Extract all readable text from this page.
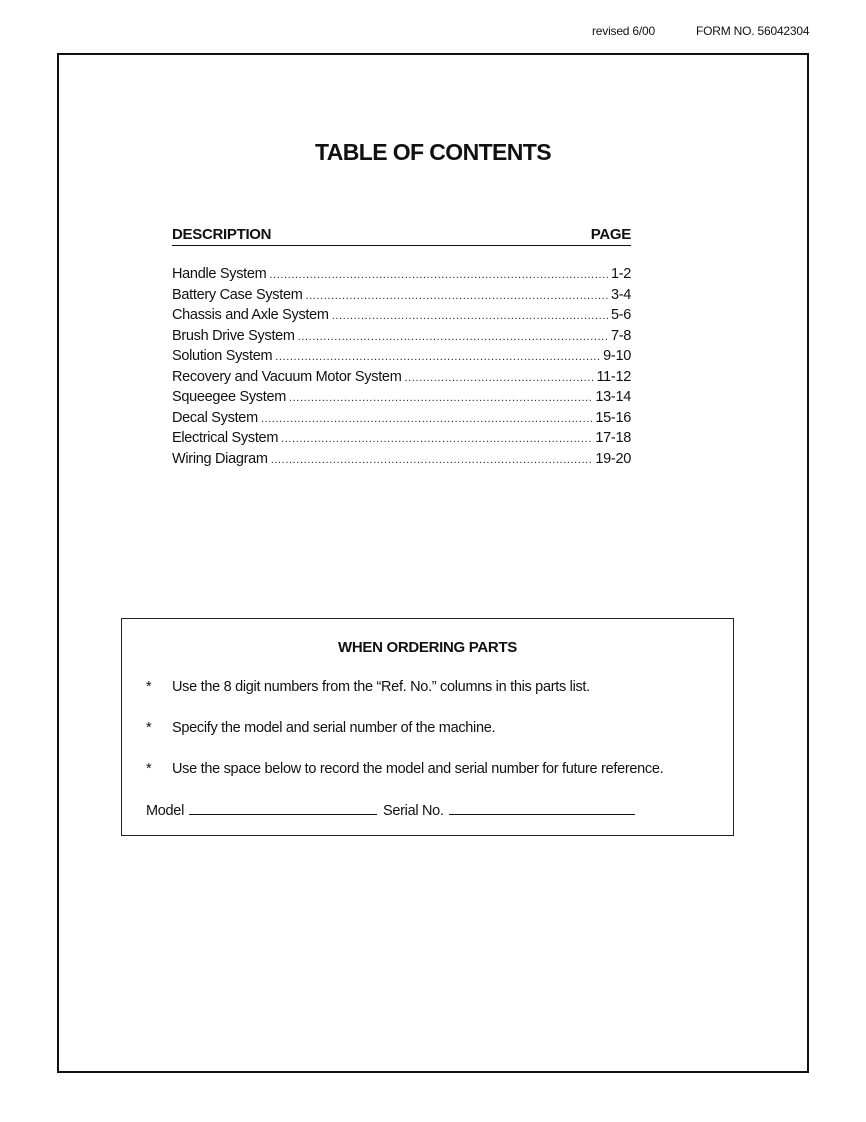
revised 6/00	FORM NO. 56042304
TABLE OF CONTENTS
DESCRIPTION	PAGE
Handle System .....	1-2
Battery Case System .....	3-4
Chassis and Axle System .....	5-6
Brush Drive System .....	7-8
Solution System .....	9-10
Recovery and Vacuum Motor System .....	11-12
Squeegee System .....	13-14
Decal System .....	15-16
Electrical System .....	17-18
Wiring Diagram .....	19-20
WHEN ORDERING PARTS
* Use the 8 digit numbers from the “Ref. No.” columns in this parts list.
* Specify the model and serial number of the machine.
* Use the space below to record the model and serial number for future reference.
Model	Serial No.
